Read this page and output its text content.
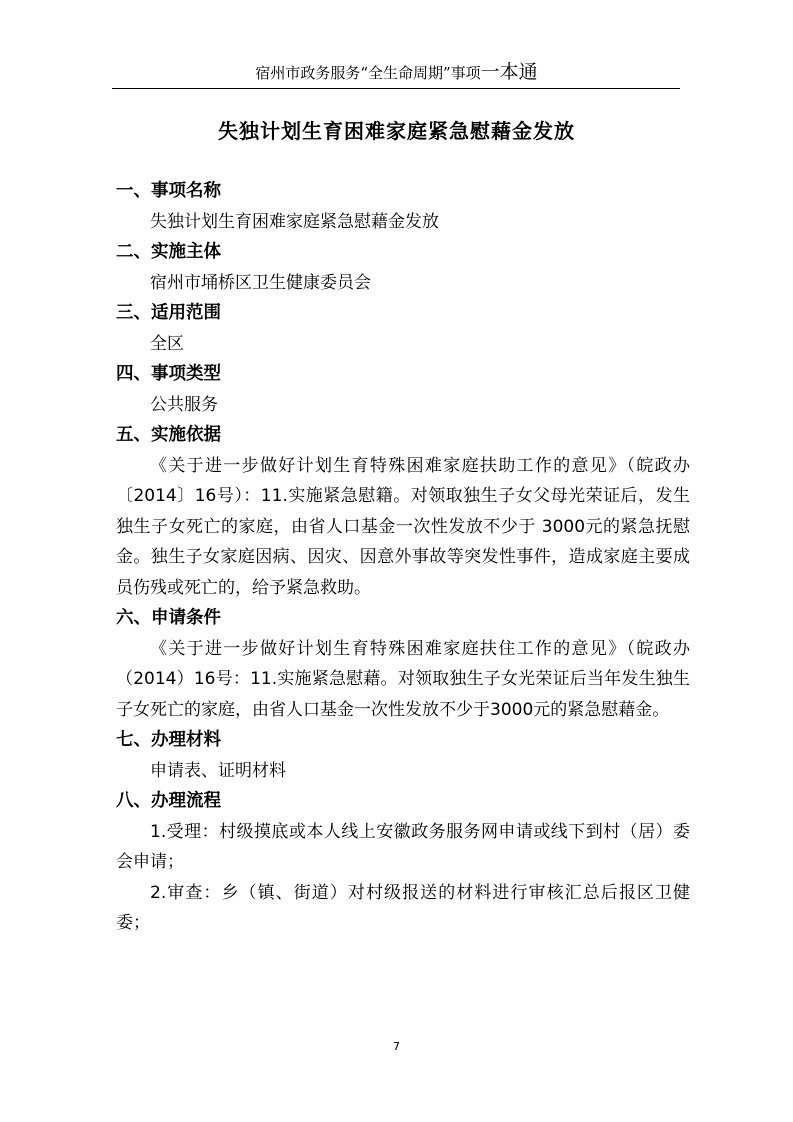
宿州市政务服务“全生命周期”事项一本通
失独计划生育困难家庭紧急慰藉金发放
一、事项名称
失独计划生育困难家庭紧急慰藉金发放
二、实施主体
宿州市埇桥区卫生健康委员会
三、适用范围
全区
四、事项类型
公共服务
五、实施依据
《关于进一步做好计划生育特殊困难家庭扶助工作的意见》（皖政办〔2014〕16号）：11.实施紧急慰籍。对领取独生子女父母光荣证后，发生独生子女死亡的家庭，由省人口基金一次性发放不少于 3000元的紧急抚慰金。独生子女家庭因病、因灾、因意外事故等突发性事件，造成家庭主要成员伤残或死亡的，给予紧急救助。
六、申请条件
《关于进一步做好计划生育特殊困难家庭扶住工作的意见》（皖政办（2014）16号：11.实施紧急慰藉。对领取独生子女光荣证后当年发生独生子女死亡的家庭，由省人口基金一次性发放不少于3000元的紧急慰藉金。
七、办理材料
申请表、证明材料
八、办理流程
1.受理：村级摸底或本人线上安徽政务服务网申请或线下到村（居）委会申请；
2.审查：乡（镇、街道）对村级报送的材料进行审核汇总后报区卫健委；
7
